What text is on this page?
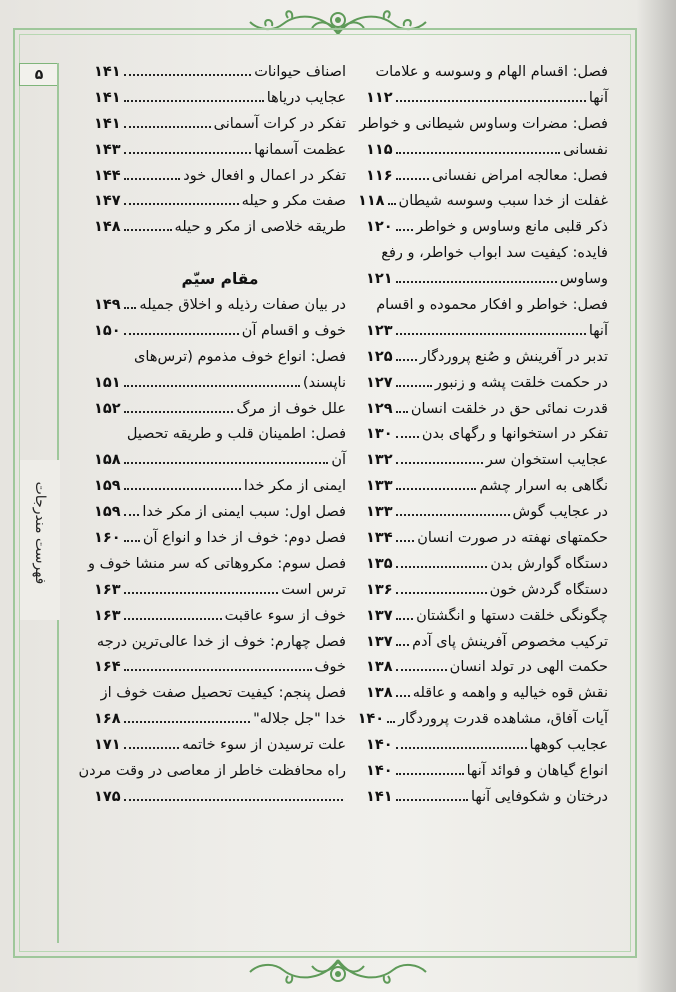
۵
فهرست مندرجات
فصل: اقسام الهام و وسوسه و علامات
آنها
۱۱۲
فصل: مضرات وساوس شیطانی و خواطر
نفسانی
۱۱۵
فصل: معالجه امراض نفسانی
۱۱۶
غفلت از خدا سبب وسوسه شیطان
۱۱۸
ذکر قلبی مانع وساوس و خواطر
۱۲۰
فایده: کیفیت سد ابواب خواطر، و رفع
وساوس
۱۲۱
فصل: خواطر و افکار محموده و اقسام
آنها
۱۲۳
تدبر در آفرینش و صُنع پروردگار
۱۲۵
در حکمت خلقت پشه و زنبور
۱۲۷
قدرت نمائی حق در خلقت انسان
۱۲۹
تفکر در استخوانها و رگهای بدن
۱۳۰
عجایب استخوان سر
۱۳۲
نگاهی به اسرار چشم
۱۳۳
در عجایب گوش
۱۳۳
حکمتهای نهفته در صورت انسان
۱۳۴
دستگاه گوارش بدن
۱۳۵
دستگاه گردش خون
۱۳۶
چگونگی خلقت دستها و انگشتان
۱۳۷
ترکیب مخصوص آفرینش پای آدم
۱۳۷
حکمت الهی در تولد انسان
۱۳۸
نقش قوه خیالیه و واهمه و عاقله
۱۳۸
آیات آفاق، مشاهده قدرت پروردگار
۱۴۰
عجایب کوهها
۱۴۰
انواع گیاهان و فوائد آنها
۱۴۰
درختان و شکوفایی آنها
۱۴۱
اصناف حیوانات
۱۴۱
عجایب دریاها
۱۴۱
تفکر در کرات آسمانی
۱۴۱
عظمت آسمانها
۱۴۳
تفکر در اعمال و افعال خود
۱۴۴
صفت مکر و حیله
۱۴۷
طریقه خلاصی از مکر و حیله
۱۴۸
مقام سیّم
در بیان صفات رذیله و اخلاق جمیله
۱۴۹
خوف و اقسام آن
۱۵۰
فصل: انواع خوف مذموم (ترس‌های
ناپسند)
۱۵۱
علل خوف از مرگ
۱۵۲
فصل: اطمینان قلب و طریقه تحصیل
آن
۱۵۸
ایمنی از مکر خدا
۱۵۹
فصل اول: سبب ایمنی از مکر خدا
۱۵۹
فصل دوم: خوف از خدا و انواع آن
۱۶۰
فصل سوم: مکروهاتی که سر منشا خوف و
ترس است
۱۶۳
خوف از سوء عاقبت
۱۶۳
فصل چهارم: خوف از خدا عالی‌ترین درجه
خوف
۱۶۴
فصل پنجم: کیفیت تحصیل صفت خوف از
خدا "جل جلاله"
۱۶۸
علت ترسیدن از سوء خاتمه
۱۷۱
راه محافظت خاطر از معاصی در وقت مردن
۱۷۵
